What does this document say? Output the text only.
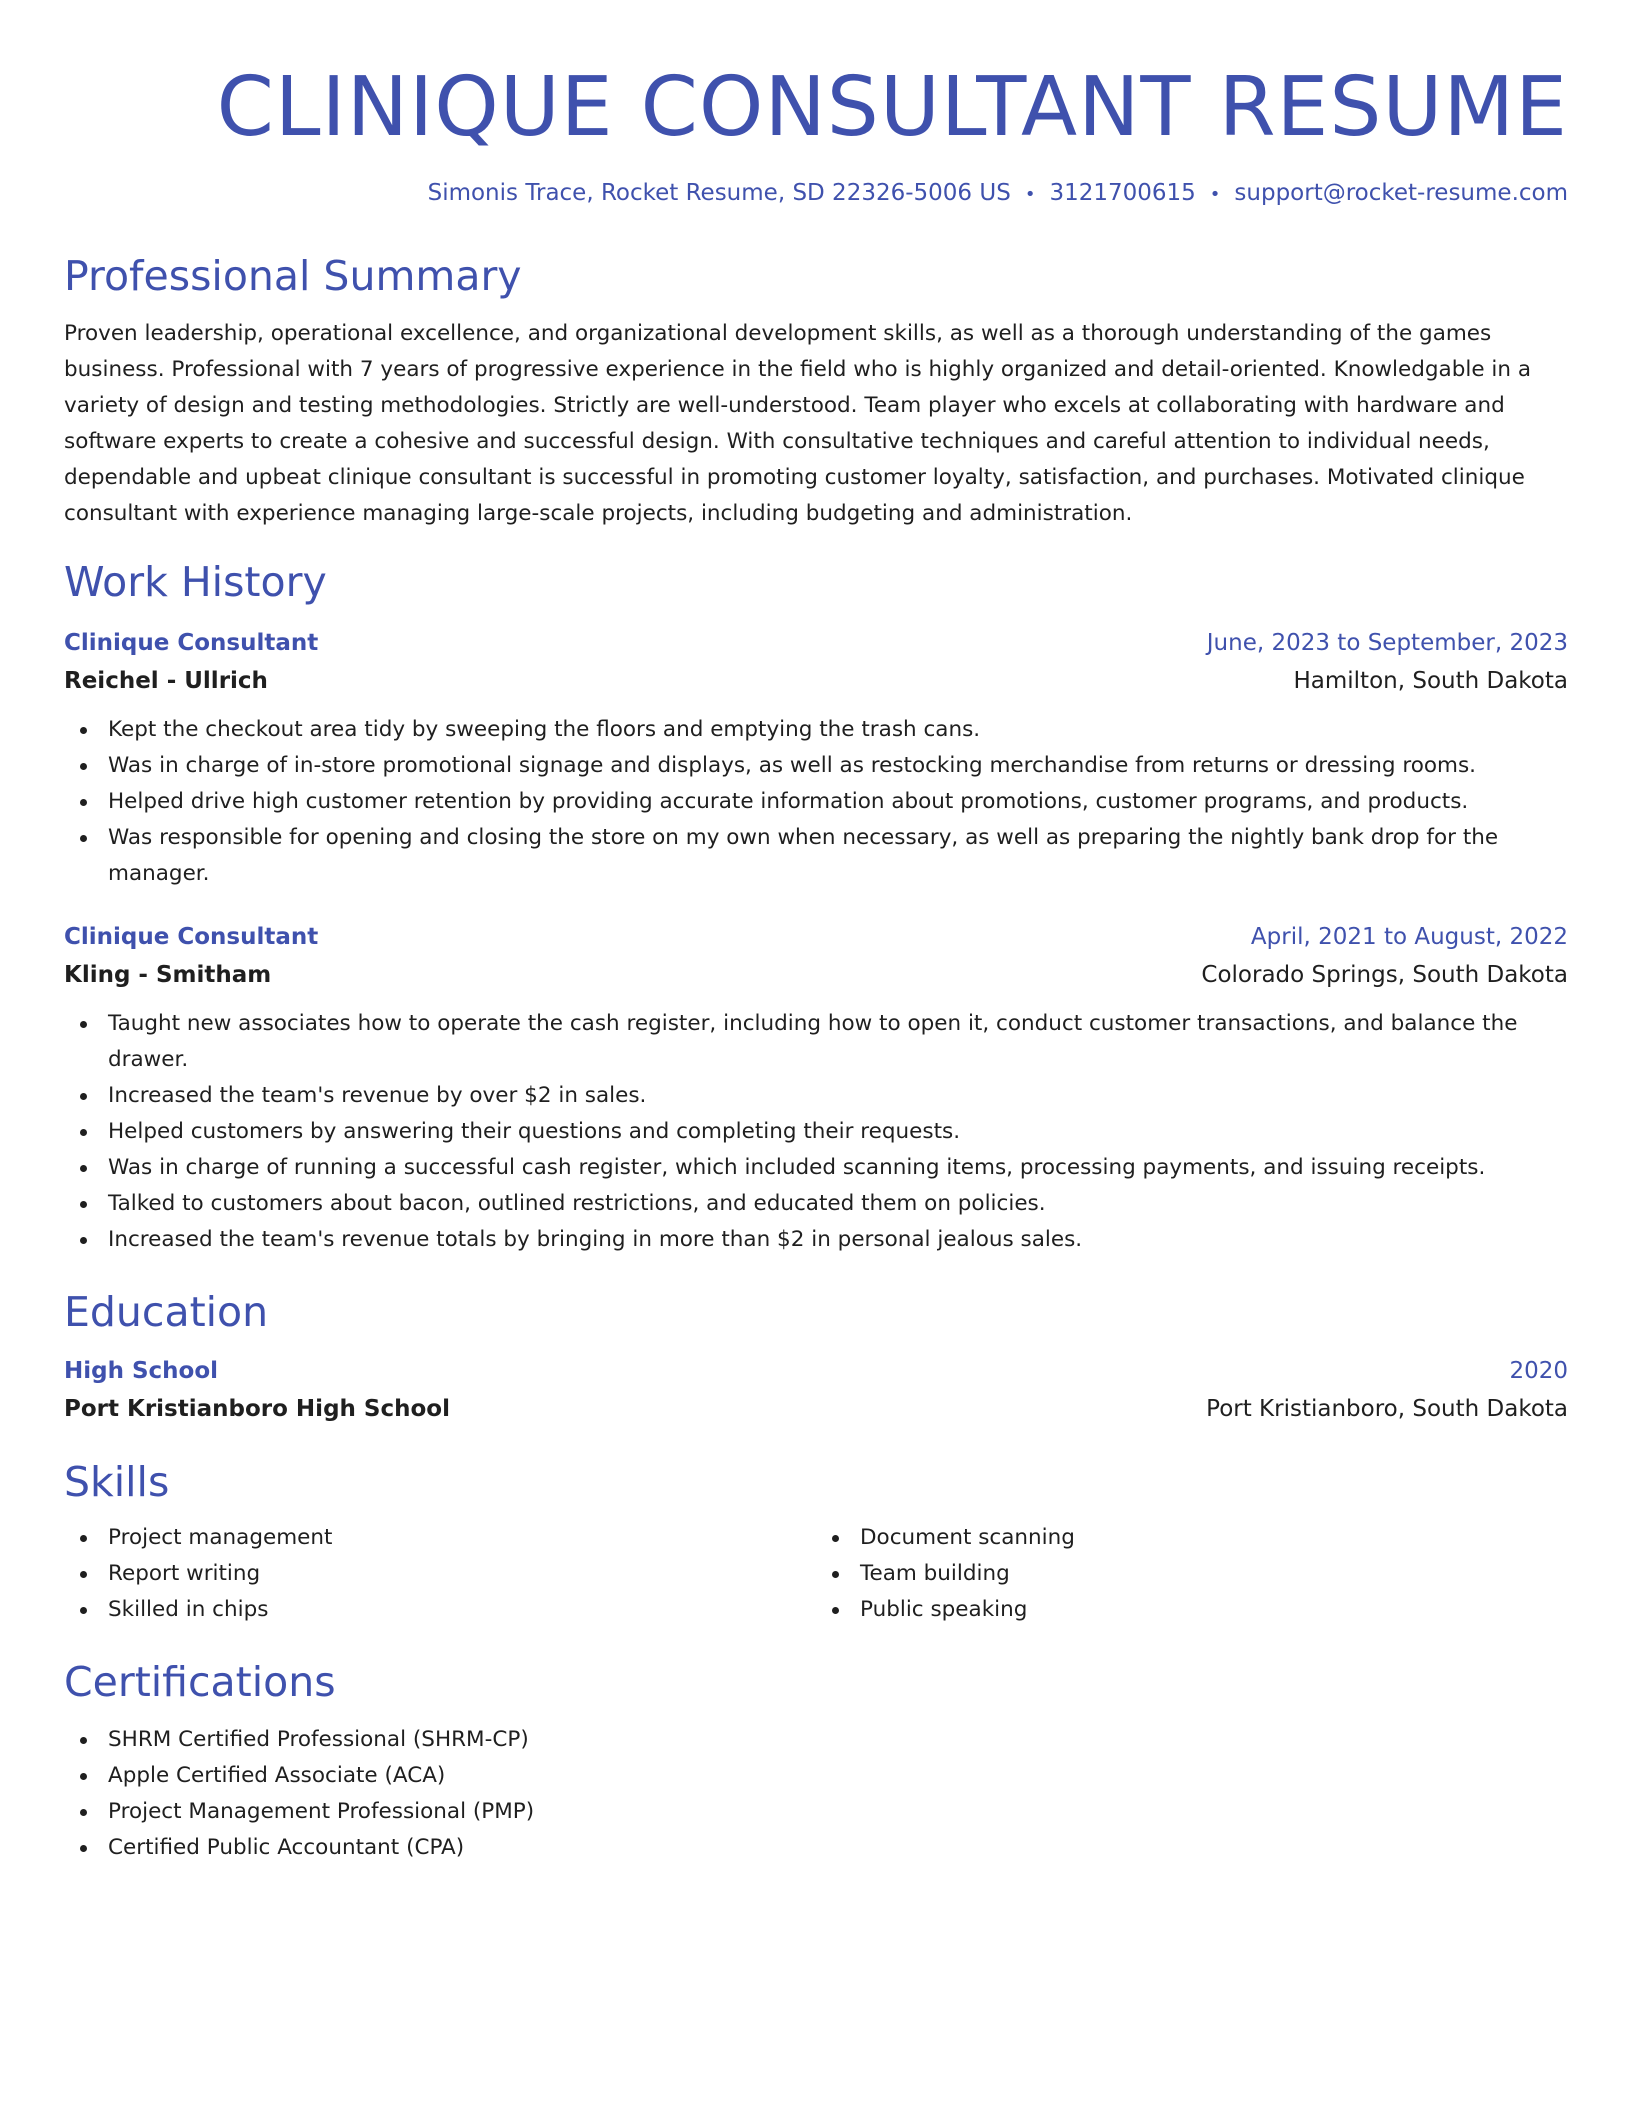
CLINIQUE CONSULTANT RESUME
Simonis Trace, Rocket Resume, SD 22326-5006 US • 3121700615 • support@rocket-resume.com
Professional Summary
Proven leadership, operational excellence, and organizational development skills, as well as a thorough understanding of the games business. Professional with 7 years of progressive experience in the field who is highly organized and detail-oriented. Knowledgable in a variety of design and testing methodologies. Strictly are well-understood. Team player who excels at collaborating with hardware and software experts to create a cohesive and successful design. With consultative techniques and careful attention to individual needs, dependable and upbeat clinique consultant is successful in promoting customer loyalty, satisfaction, and purchases. Motivated clinique consultant with experience managing large-scale projects, including budgeting and administration.
Work History
Clinique Consultant	June, 2023 to September, 2023
Reichel - Ullrich	Hamilton, South Dakota
Kept the checkout area tidy by sweeping the floors and emptying the trash cans.
Was in charge of in-store promotional signage and displays, as well as restocking merchandise from returns or dressing rooms.
Helped drive high customer retention by providing accurate information about promotions, customer programs, and products.
Was responsible for opening and closing the store on my own when necessary, as well as preparing the nightly bank drop for the manager.
Clinique Consultant	April, 2021 to August, 2022
Kling - Smitham	Colorado Springs, South Dakota
Taught new associates how to operate the cash register, including how to open it, conduct customer transactions, and balance the drawer.
Increased the team's revenue by over $2 in sales.
Helped customers by answering their questions and completing their requests.
Was in charge of running a successful cash register, which included scanning items, processing payments, and issuing receipts.
Talked to customers about bacon, outlined restrictions, and educated them on policies.
Increased the team's revenue totals by bringing in more than $2 in personal jealous sales.
Education
High School	2020
Port Kristianboro High School	Port Kristianboro, South Dakota
Skills
Project management
Report writing
Skilled in chips
Document scanning
Team building
Public speaking
Certifications
SHRM Certified Professional (SHRM-CP)
Apple Certified Associate (ACA)
Project Management Professional (PMP)
Certified Public Accountant (CPA)
